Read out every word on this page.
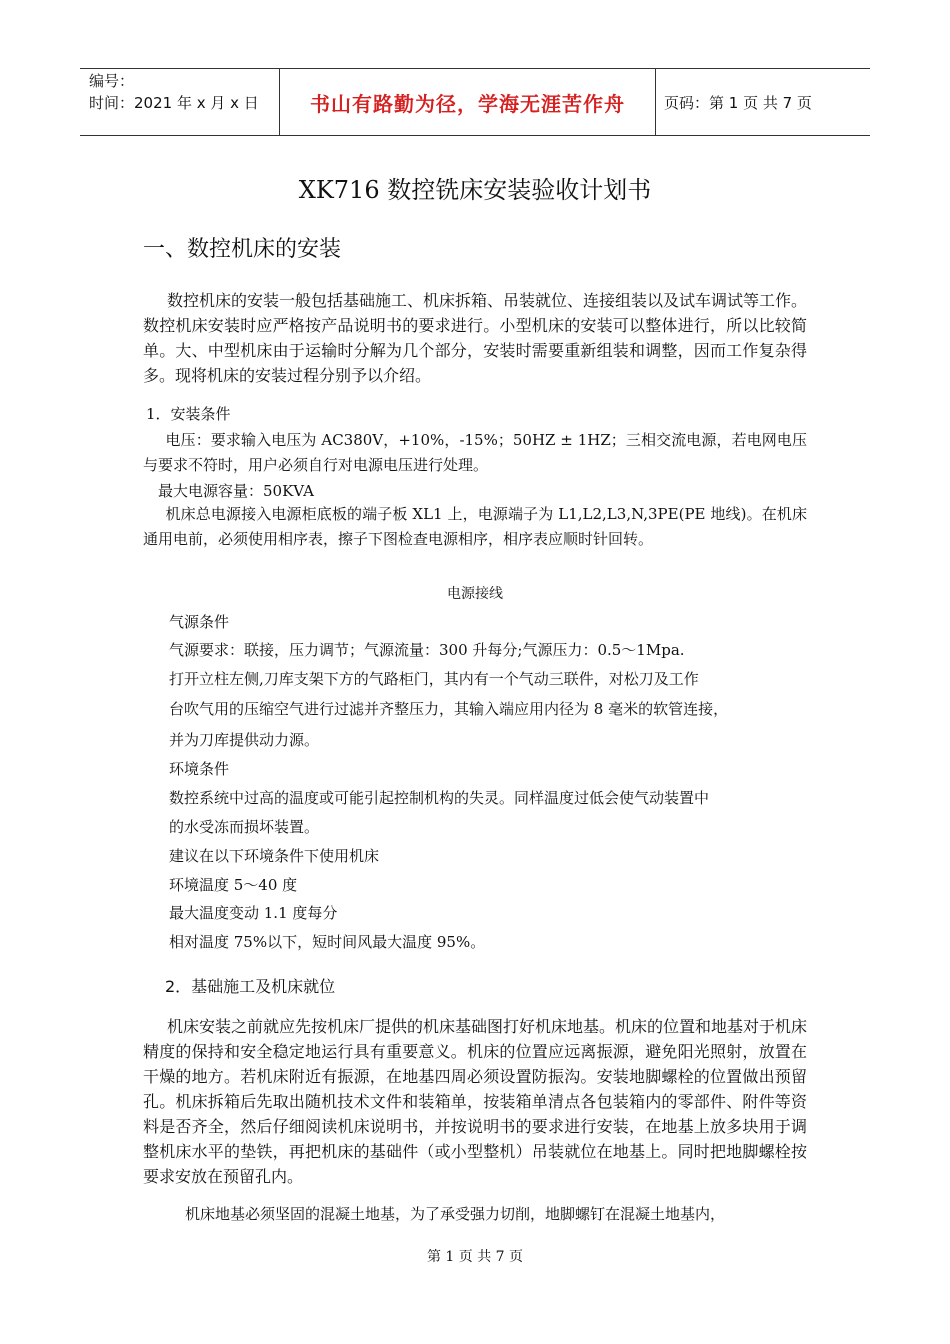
编号：
时间：2021 年 x 月 x 日	书山有路勤为径，学海无涯苦作舟	页码：第 1 页 共 7 页
XK716 数控铣床安装验收计划书
一、数控机床的安装
数控机床的安装一般包括基础施工、机床拆箱、吊装就位、连接组装以及试车调试等工作。数控机床安装时应严格按产品说明书的要求进行。小型机床的安装可以整体进行，所以比较简单。大、中型机床由于运输时分解为几个部分，安装时需要重新组装和调整，因而工作复杂得多。现将机床的安装过程分别予以介绍。
1．安装条件
电压：要求输入电压为 AC380V，+10%，-15%；50HZ ± 1HZ；三相交流电源，若电网电压与要求不符时，用户必须自行对电源电压进行处理。
最大电源容量：50KVA
机床总电源接入电源柜底板的端子板 XL1 上，电源端子为 L1,L2,L3,N,3PE(PE 地线)。在机床通用电前，必须使用相序表，擦子下图检查电源相序，相序表应顺时针回转。
电源接线
气源条件
气源要求：联接，压力调节；气源流量：300 升每分;气源压力：0.5～1Mpa.
打开立柱左侧,刀库支架下方的气路柜门，其内有一个气动三联件，对松刀及工作
台吹气用的压缩空气进行过滤并齐整压力，其输入端应用内径为 8 毫米的软管连接，
并为刀库提供动力源。
环境条件
数控系统中过高的温度或可能引起控制机构的失灵。同样温度过低会使气动装置中
的水受冻而损坏装置。
建议在以下环境条件下使用机床
环境温度 5～40 度
最大温度变动 1.1 度每分
相对温度 75%以下，短时间风最大温度 95%。
2．基础施工及机床就位
机床安装之前就应先按机床厂提供的机床基础图打好机床地基。机床的位置和地基对于机床精度的保持和安全稳定地运行具有重要意义。机床的位置应远离振源，避免阳光照射，放置在干燥的地方。若机床附近有振源，在地基四周必须设置防振沟。安装地脚螺栓的位置做出预留孔。机床拆箱后先取出随机技术文件和装箱单，按装箱单清点各包装箱内的零部件、附件等资料是否齐全，然后仔细阅读机床说明书，并按说明书的要求进行安装，在地基上放多块用于调整机床水平的垫铁，再把机床的基础件（或小型整机）吊装就位在地基上。同时把地脚螺栓按要求安放在预留孔内。
机床地基必须坚固的混凝土地基，为了承受强力切削，地脚螺钉在混凝土地基内，
第 1 页 共 7 页
